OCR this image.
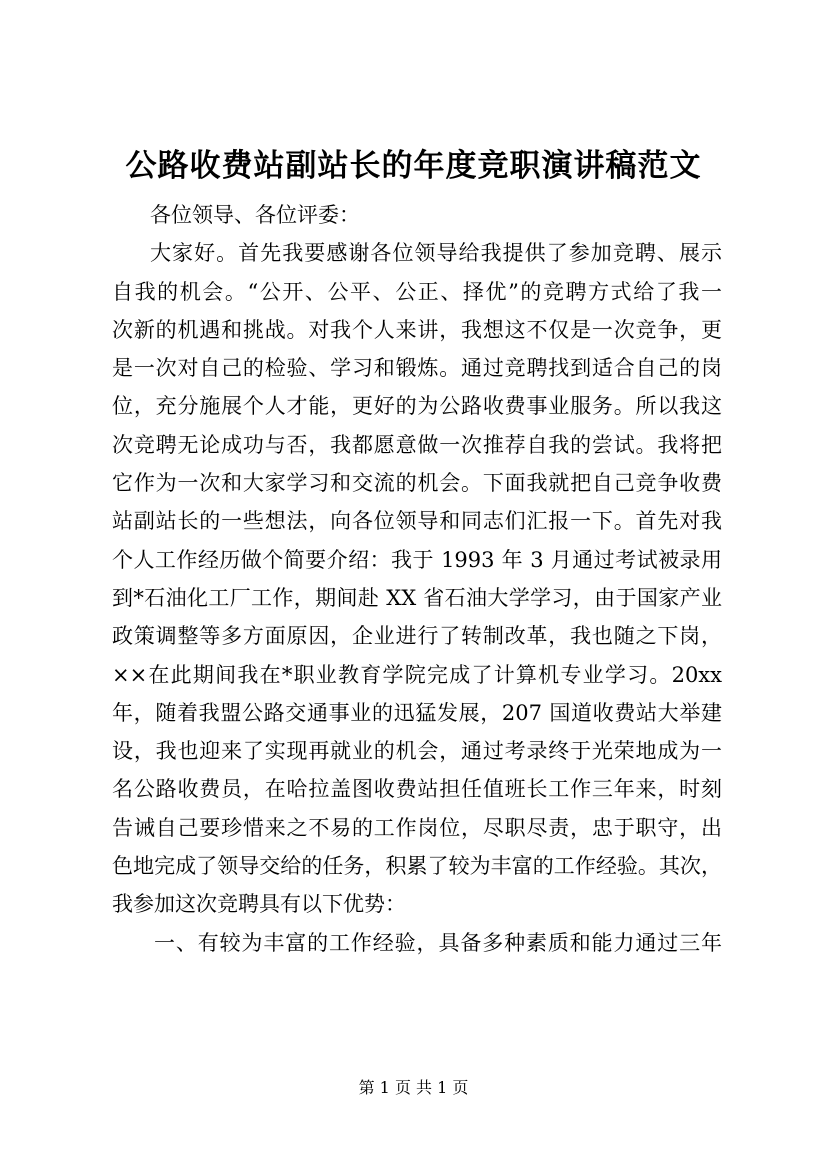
公路收费站副站长的年度竞职演讲稿范文
各位领导、各位评委：
大家好。首先我要感谢各位领导给我提供了参加竞聘、展示
自我的机会。“公开、公平、公正、择优”的竞聘方式给了我一
次新的机遇和挑战。对我个人来讲，我想这不仅是一次竞争，更
是一次对自己的检验、学习和锻炼。通过竞聘找到适合自己的岗
位，充分施展个人才能，更好的为公路收费事业服务。所以我这
次竞聘无论成功与否，我都愿意做一次推荐自我的尝试。我将把
它作为一次和大家学习和交流的机会。下面我就把自己竞争收费
站副站长的一些想法，向各位领导和同志们汇报一下。首先对我
个人工作经历做个简要介绍：我于 1993 年 3 月通过考试被录用
到*石油化工厂工作，期间赴 XX 省石油大学学习，由于国家产业
政策调整等多方面原因，企业进行了转制改革，我也随之下岗，
××在此期间我在*职业教育学院完成了计算机专业学习。20xx
年，随着我盟公路交通事业的迅猛发展，207 国道收费站大举建
设，我也迎来了实现再就业的机会，通过考录终于光荣地成为一
名公路收费员，在哈拉盖图收费站担任值班长工作三年来，时刻
告诫自己要珍惜来之不易的工作岗位，尽职尽责，忠于职守，出
色地完成了领导交给的任务，积累了较为丰富的工作经验。其次，
我参加这次竞聘具有以下优势：
一、有较为丰富的工作经验，具备多种素质和能力通过三年
第 1 页 共 1 页
